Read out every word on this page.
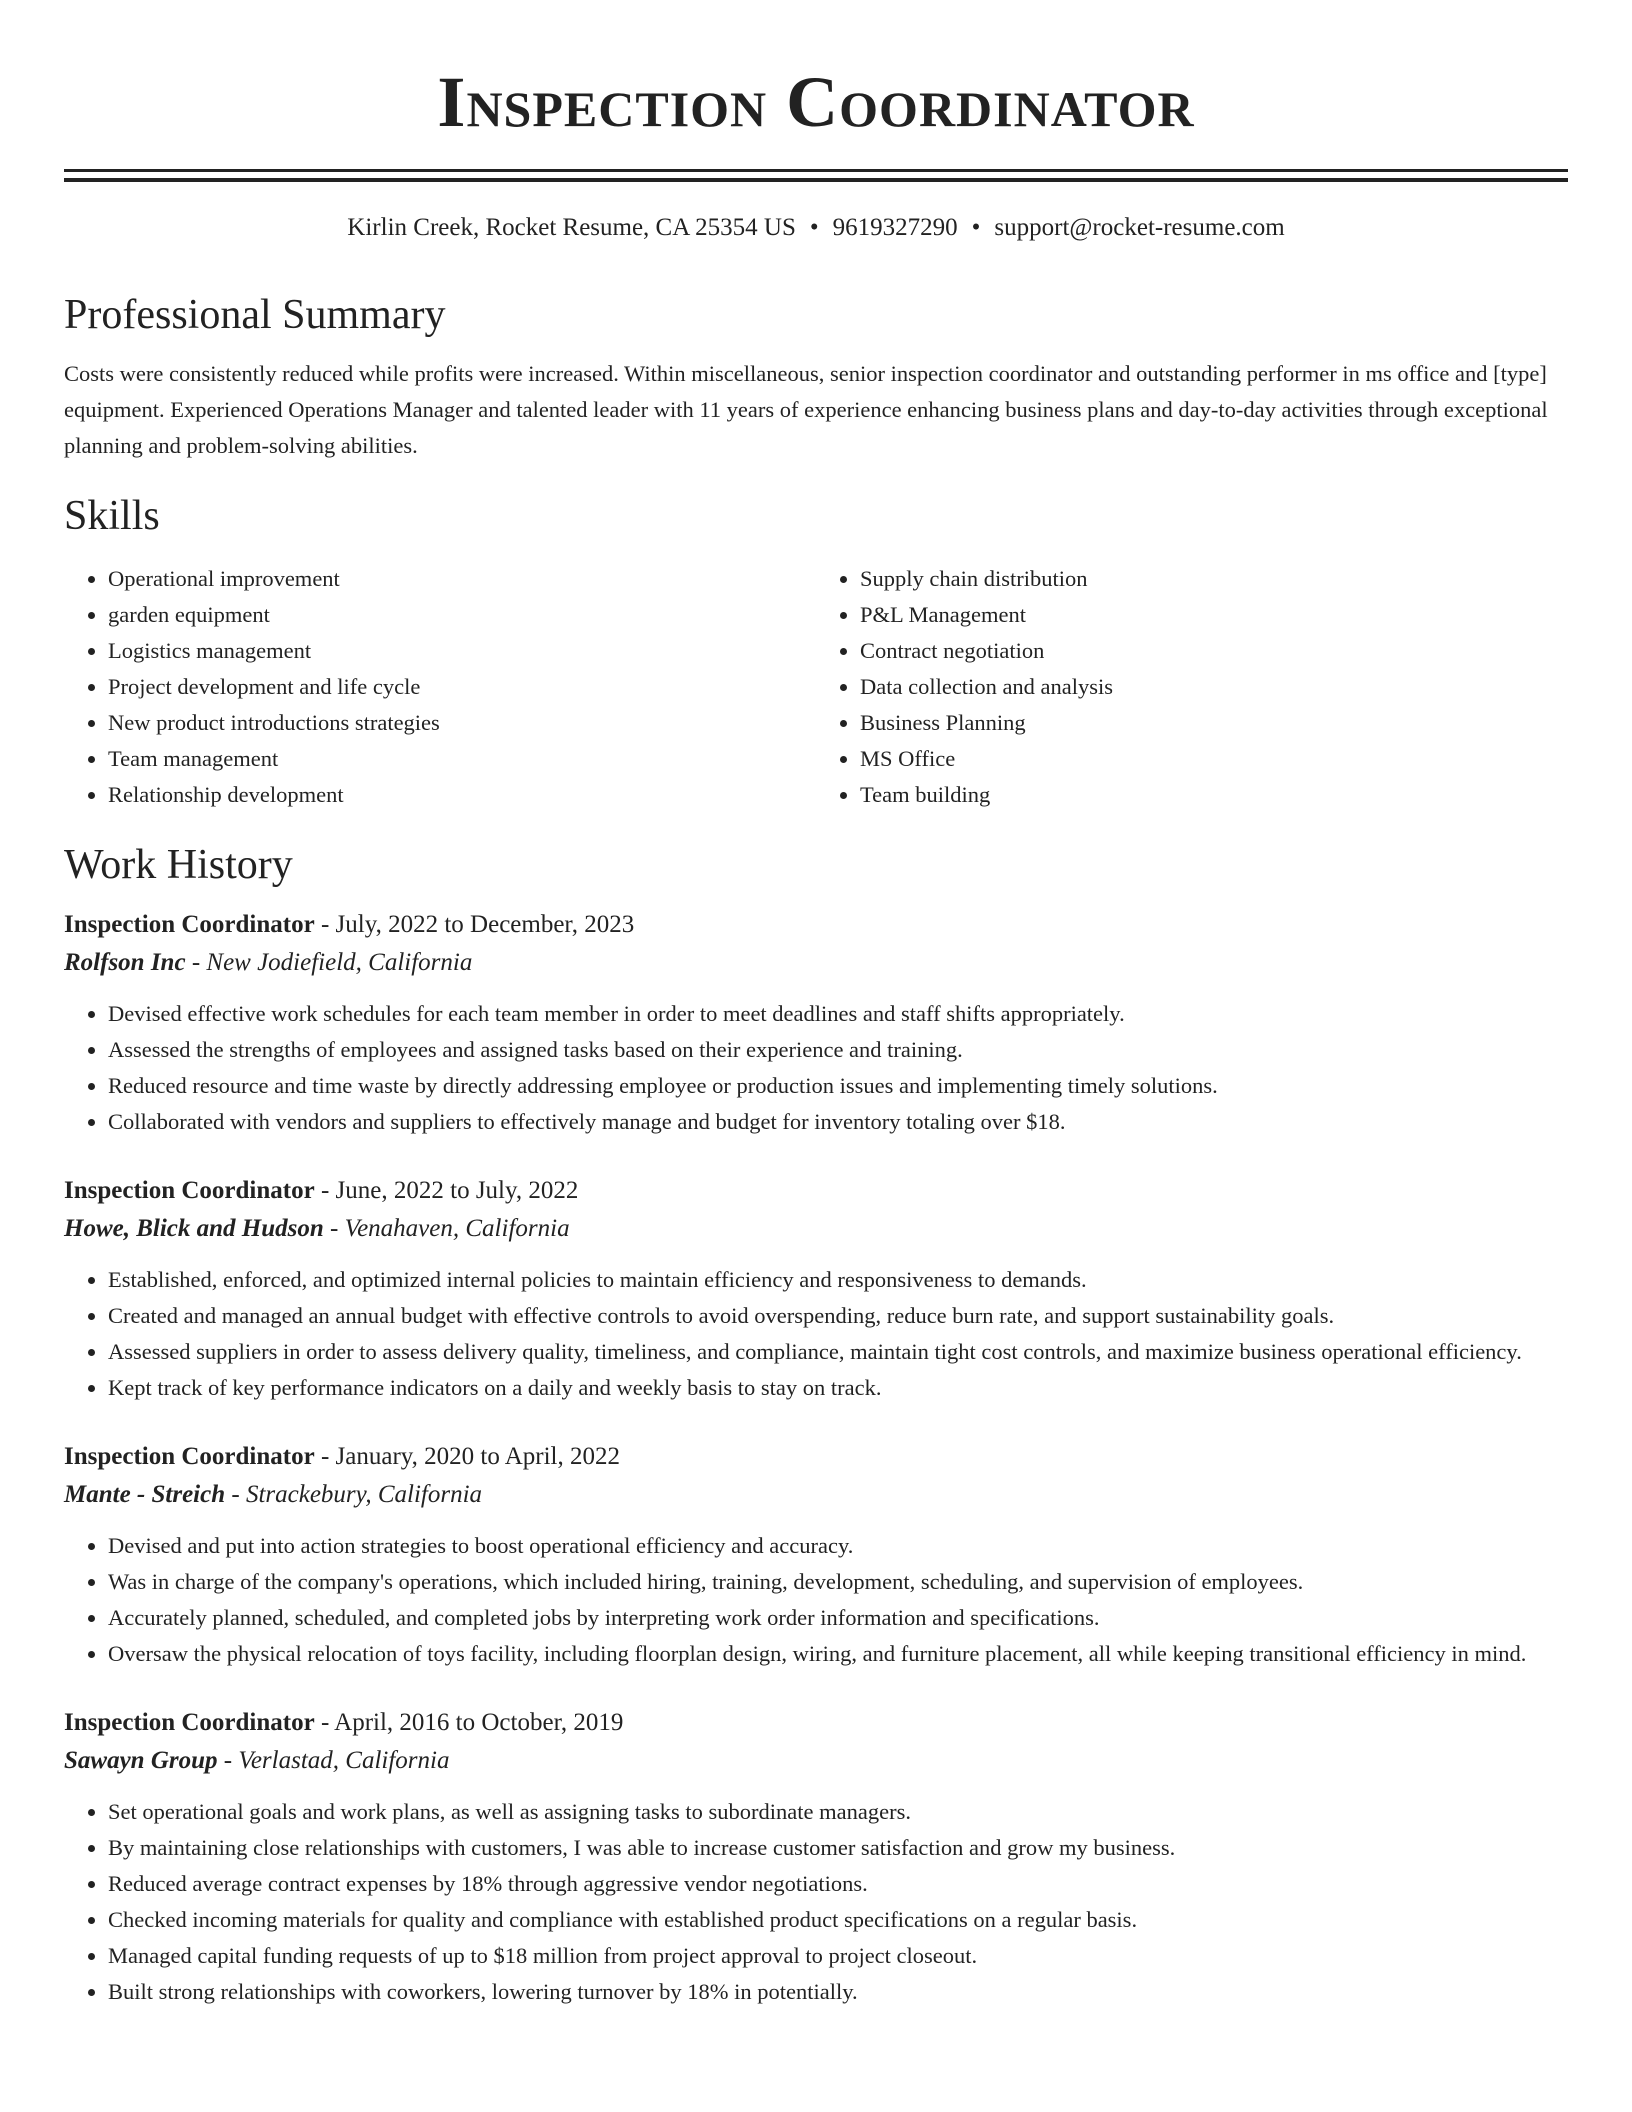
Inspection Coordinator
Kirlin Creek, Rocket Resume, CA 25354 US • 9619327290 • support@rocket-resume.com
Professional Summary
Costs were consistently reduced while profits were increased. Within miscellaneous, senior inspection coordinator and outstanding performer in ms office and [type] equipment. Experienced Operations Manager and talented leader with 11 years of experience enhancing business plans and day-to-day activities through exceptional planning and problem-solving abilities.
Skills
• Operational improvement
• garden equipment
• Logistics management
• Project development and life cycle
• New product introductions strategies
• Team management
• Relationship development
• Supply chain distribution
• P&L Management
• Contract negotiation
• Data collection and analysis
• Business Planning
• MS Office
• Team building
Work History
Inspection Coordinator - July, 2022 to December, 2023
Rolfson Inc - New Jodiefield, California
• Devised effective work schedules for each team member in order to meet deadlines and staff shifts appropriately.
• Assessed the strengths of employees and assigned tasks based on their experience and training.
• Reduced resource and time waste by directly addressing employee or production issues and implementing timely solutions.
• Collaborated with vendors and suppliers to effectively manage and budget for inventory totaling over $18.
Inspection Coordinator - June, 2022 to July, 2022
Howe, Blick and Hudson - Venahaven, California
• Established, enforced, and optimized internal policies to maintain efficiency and responsiveness to demands.
• Created and managed an annual budget with effective controls to avoid overspending, reduce burn rate, and support sustainability goals.
• Assessed suppliers in order to assess delivery quality, timeliness, and compliance, maintain tight cost controls, and maximize business operational efficiency.
• Kept track of key performance indicators on a daily and weekly basis to stay on track.
Inspection Coordinator - January, 2020 to April, 2022
Mante - Streich - Strackebury, California
• Devised and put into action strategies to boost operational efficiency and accuracy.
• Was in charge of the company's operations, which included hiring, training, development, scheduling, and supervision of employees.
• Accurately planned, scheduled, and completed jobs by interpreting work order information and specifications.
• Oversaw the physical relocation of toys facility, including floorplan design, wiring, and furniture placement, all while keeping transitional efficiency in mind.
Inspection Coordinator - April, 2016 to October, 2019
Sawayn Group - Verlastad, California
• Set operational goals and work plans, as well as assigning tasks to subordinate managers.
• By maintaining close relationships with customers, I was able to increase customer satisfaction and grow my business.
• Reduced average contract expenses by 18% through aggressive vendor negotiations.
• Checked incoming materials for quality and compliance with established product specifications on a regular basis.
• Managed capital funding requests of up to $18 million from project approval to project closeout.
• Built strong relationships with coworkers, lowering turnover by 18% in potentially.
